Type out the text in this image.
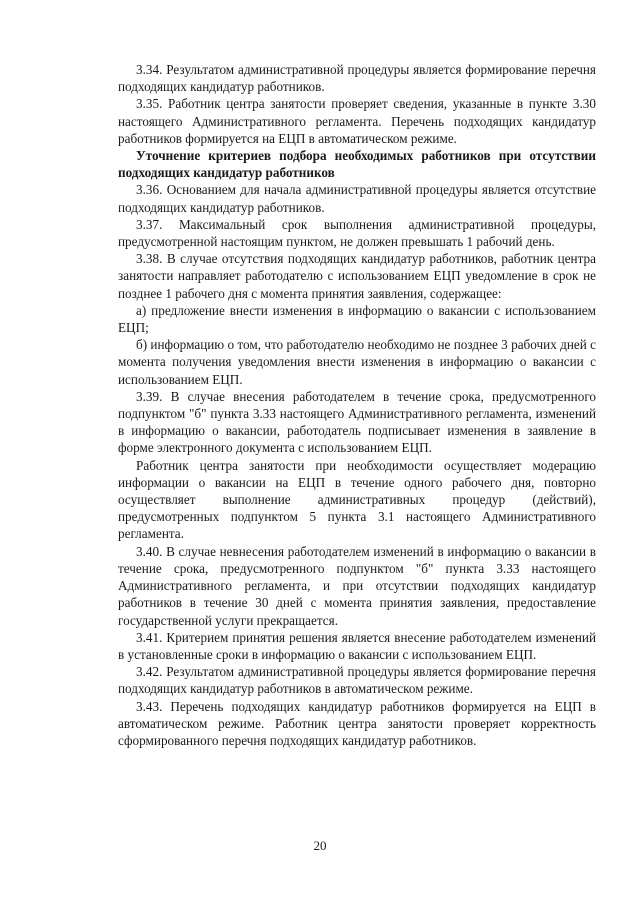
3.34. Результатом административной процедуры является формирование перечня подходящих кандидатур работников.

3.35. Работник центра занятости проверяет сведения, указанные в пункте 3.30 настоящего Административного регламента. Перечень подходящих кандидатур работников формируется на ЕЦП в автоматическом режиме.

Уточнение критериев подбора необходимых работников при отсутствии подходящих кандидатур работников

3.36. Основанием для начала административной процедуры является отсутствие подходящих кандидатур работников.

3.37. Максимальный срок выполнения административной процедуры, предусмотренной настоящим пунктом, не должен превышать 1 рабочий день.

3.38. В случае отсутствия подходящих кандидатур работников, работник центра занятости направляет работодателю с использованием ЕЦП уведомление в срок не позднее 1 рабочего дня с момента принятия заявления, содержащее:

а) предложение внести изменения в информацию о вакансии с использованием ЕЦП;

б) информацию о том, что работодателю необходимо не позднее 3 рабочих дней с момента получения уведомления внести изменения в информацию о вакансии с использованием ЕЦП.

3.39. В случае внесения работодателем в течение срока, предусмотренного подпунктом "б" пункта 3.33 настоящего Административного регламента, изменений в информацию о вакансии, работодатель подписывает изменения в заявление в форме электронного документа с использованием ЕЦП.

Работник центра занятости при необходимости осуществляет модерацию информации о вакансии на ЕЦП в течение одного рабочего дня, повторно осуществляет выполнение административных процедур (действий), предусмотренных подпунктом 5 пункта 3.1 настоящего Административного регламента.

3.40. В случае невнесения работодателем изменений в информацию о вакансии в течение срока, предусмотренного подпунктом "б" пункта 3.33 настоящего Административного регламента, и при отсутствии подходящих кандидатур работников в течение 30 дней с момента принятия заявления, предоставление государственной услуги прекращается.

3.41. Критерием принятия решения является внесение работодателем изменений в установленные сроки в информацию о вакансии с использованием ЕЦП.

3.42. Результатом административной процедуры является формирование перечня подходящих кандидатур работников в автоматическом режиме.

3.43. Перечень подходящих кандидатур работников формируется на ЕЦП в автоматическом режиме. Работник центра занятости проверяет корректность сформированного перечня подходящих кандидатур работников.

20
